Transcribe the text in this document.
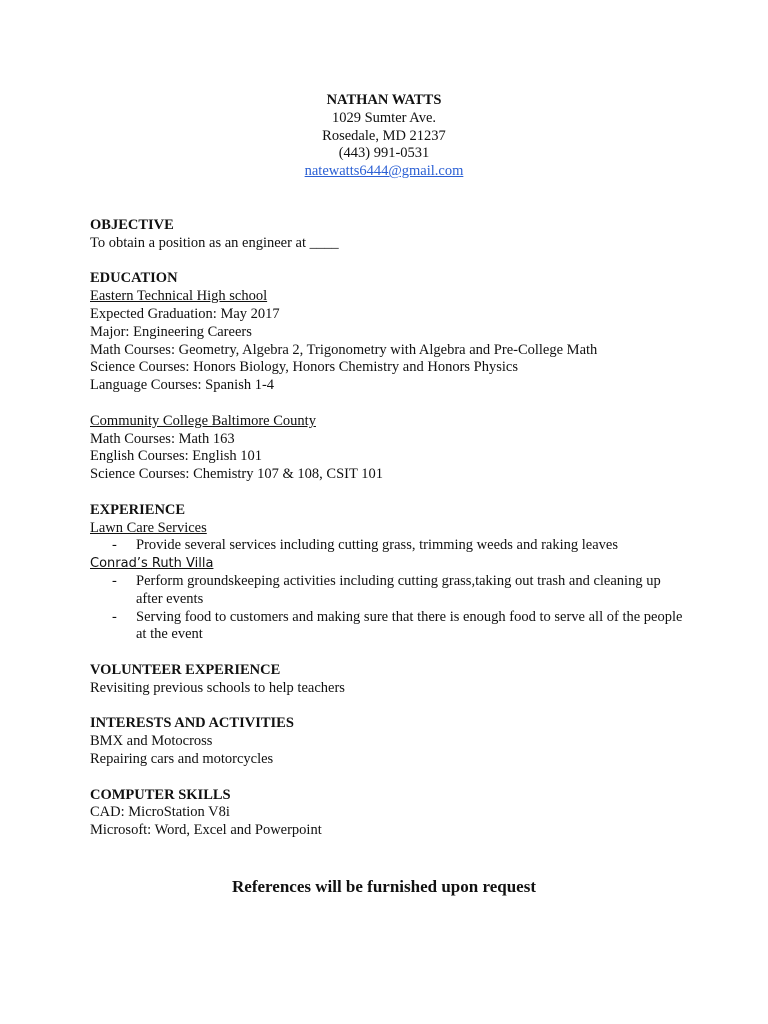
NATHAN WATTS
1029 Sumter Ave.
Rosedale, MD 21237
(443) 991-0531
natewatts6444@gmail.com
OBJECTIVE
To obtain a position as an engineer at ____
EDUCATION
Eastern Technical High school
Expected Graduation: May 2017
Major: Engineering Careers
Math Courses: Geometry, Algebra 2, Trigonometry with Algebra and Pre-College Math
Science Courses: Honors Biology, Honors Chemistry and Honors Physics
Language Courses: Spanish 1-4
Community College Baltimore County
Math Courses: Math 163
English Courses: English 101
Science Courses: Chemistry 107 & 108, CSIT 101
EXPERIENCE
Lawn Care Services
-	Provide several services including cutting grass, trimming weeds and raking leaves
Conrad’s Ruth Villa
-	Perform groundskeeping activities including cutting grass,taking out trash and cleaning up after events
-	Serving food to customers and making sure that there is enough food to serve all of the people at the event
VOLUNTEER EXPERIENCE
Revisiting previous schools to help teachers
INTERESTS AND ACTIVITIES
BMX and Motocross
Repairing cars and motorcycles
COMPUTER SKILLS
CAD: MicroStation V8i
Microsoft: Word, Excel and Powerpoint
References will be furnished upon request
